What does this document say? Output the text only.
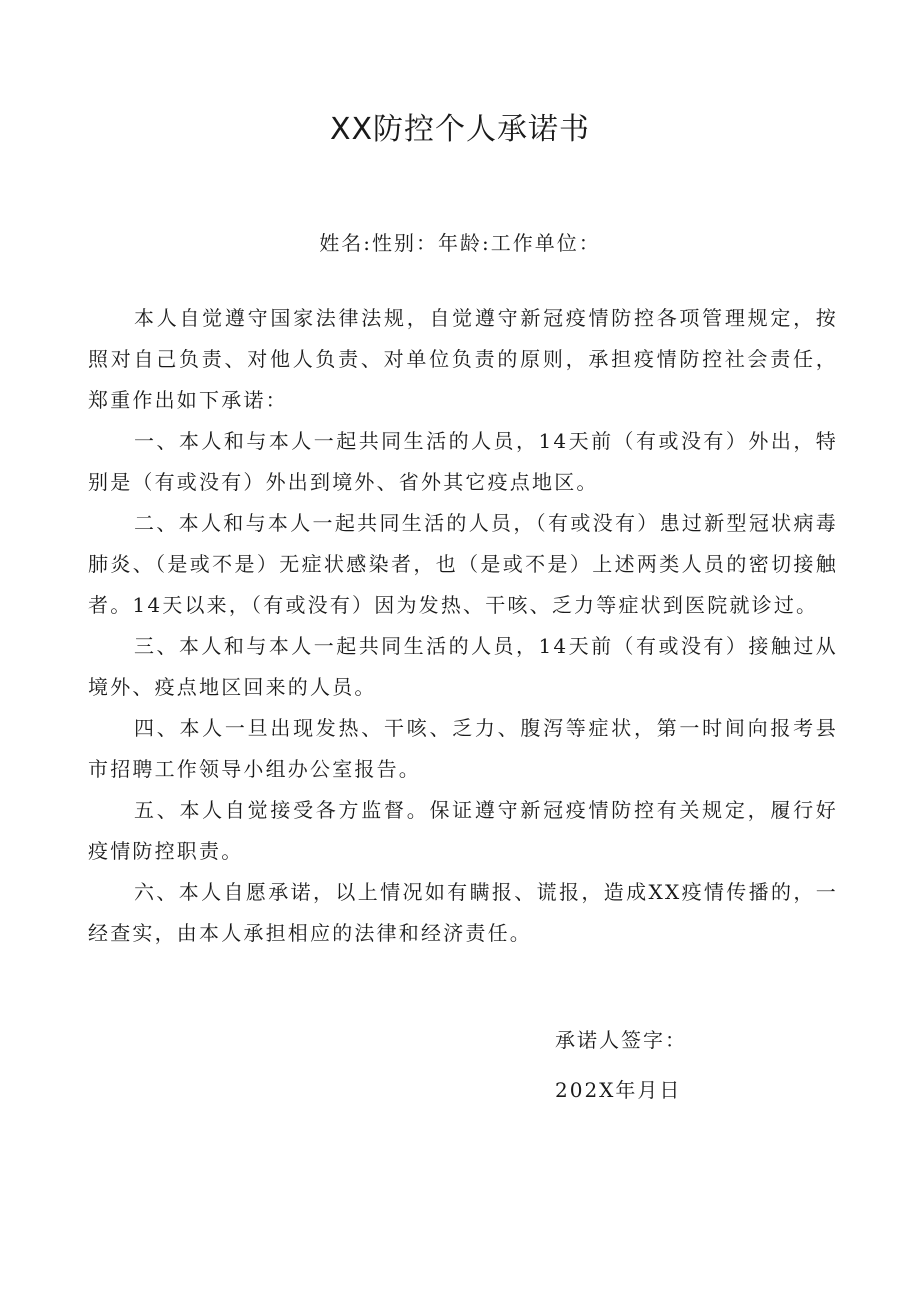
XX防控个人承诺书
姓名:性别：年龄:工作单位：

本人自觉遵守国家法律法规，自觉遵守新冠疫情防控各项管理规定，按照对自己负责、对他人负责、对单位负责的原则，承担疫情防控社会责任，郑重作出如下承诺：

一、本人和与本人一起共同生活的人员，14天前（有或没有）外出，特别是（有或没有）外出到境外、省外其它疫点地区。

二、本人和与本人一起共同生活的人员，（有或没有）患过新型冠状病毒肺炎、（是或不是）无症状感染者，也（是或不是）上述两类人员的密切接触者。14天以来，（有或没有）因为发热、干咳、乏力等症状到医院就诊过。

三、本人和与本人一起共同生活的人员，14天前（有或没有）接触过从境外、疫点地区回来的人员。

四、本人一旦出现发热、干咳、乏力、腹泻等症状，第一时间向报考县市招聘工作领导小组办公室报告。

五、本人自觉接受各方监督。保证遵守新冠疫情防控有关规定，履行好疫情防控职责。

六、本人自愿承诺，以上情况如有瞒报、谎报，造成XX疫情传播的，一经查实，由本人承担相应的法律和经济责任。

承诺人签字：
202X年月日
